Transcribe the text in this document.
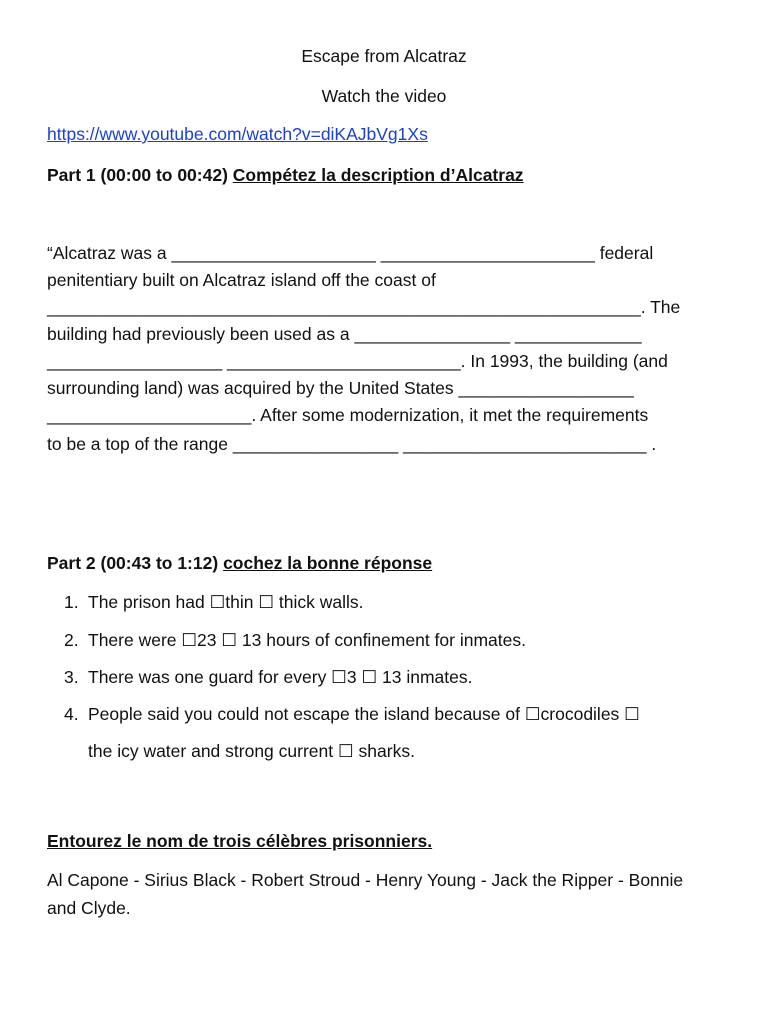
Escape from Alcatraz
Watch the video
https://www.youtube.com/watch?v=diKAJbVg1Xs
Part 1 (00:00 to 00:42) Compétez la description d’Alcatraz
“Alcatraz was a _____________________ ______________________ federal
penitentiary built on Alcatraz island off the coast of
_____________________________________________________________. The
building had previously been used as a ________________ _____________
__________________ ________________________. In 1993, the building (and
surrounding land) was acquired by the United States __________________
_____________________. After some modernization, it met the requirements
to be a top of the range _________________ _________________________ .
Part 2 (00:43 to 1:12) cochez la bonne réponse
1. The prison had ☐thin ☐ thick walls.
2. There were ☐23 ☐ 13 hours of confinement for inmates.
3. There was one guard for every ☐3 ☐ 13 inmates.
4. People said you could not escape the island because of ☐crocodiles ☐
the icy water and strong current ☐ sharks.
Entourez le nom de trois célèbres prisonniers.
Al Capone - Sirius Black - Robert Stroud - Henry Young - Jack the Ripper - Bonnie
and Clyde.
